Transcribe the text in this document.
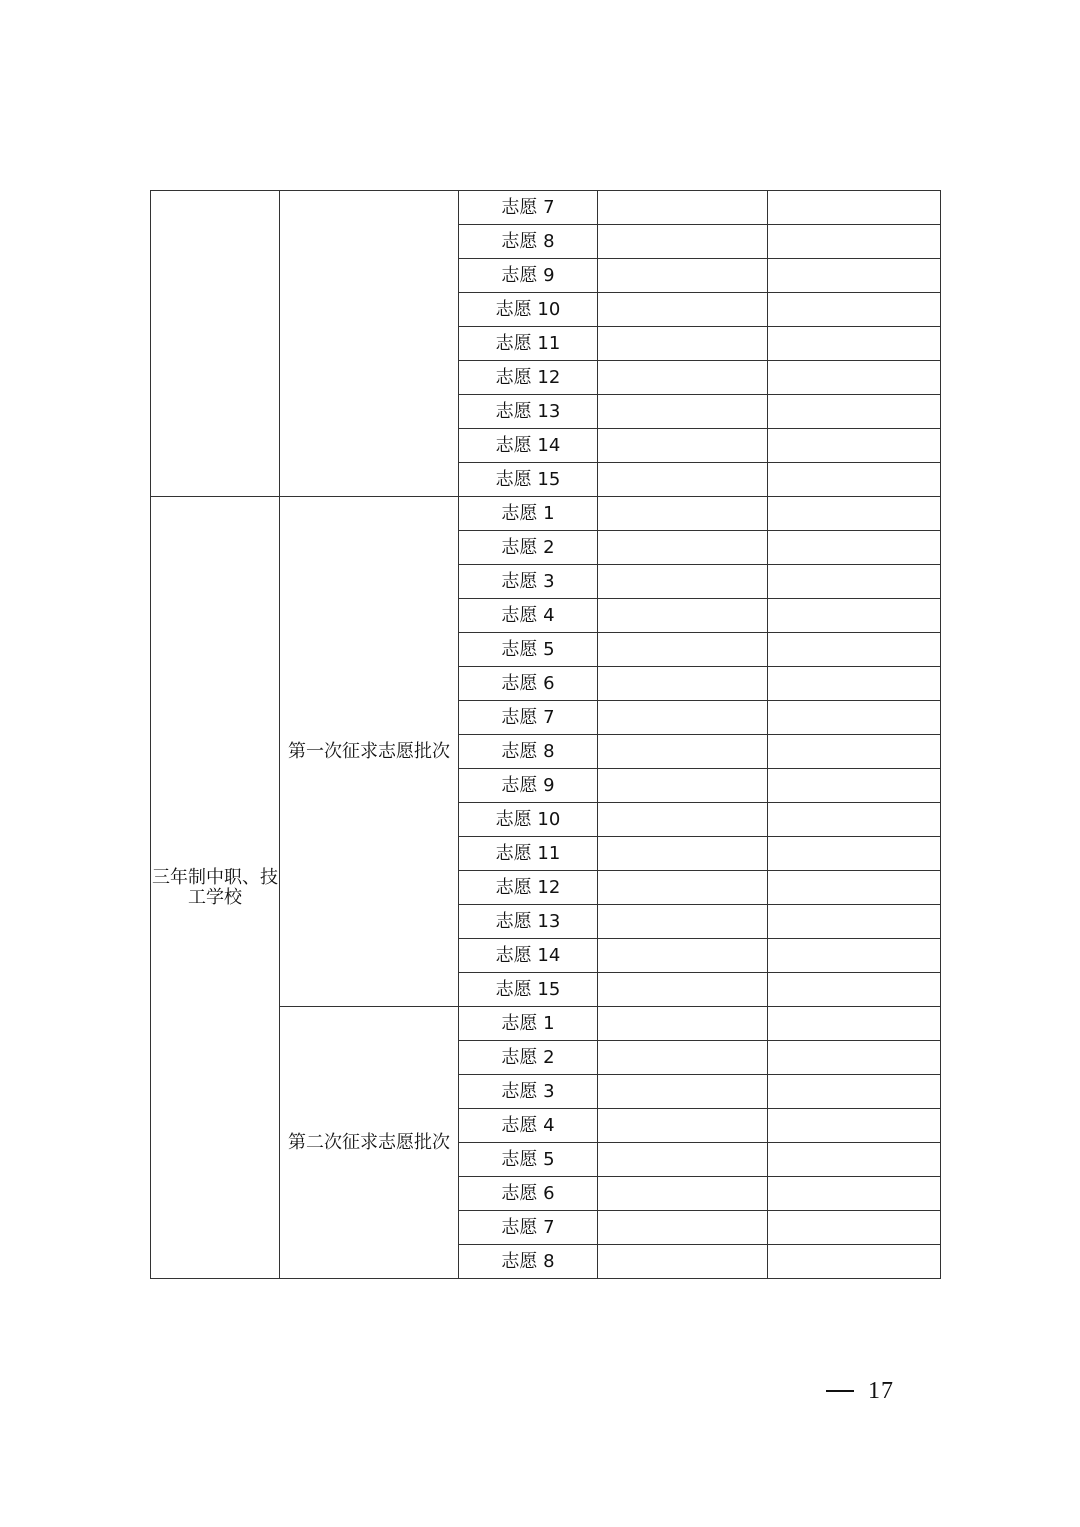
		志愿 7		
		志愿 8		
		志愿 9		
		志愿 10		
		志愿 11		
		志愿 12		
		志愿 13		
		志愿 14		
		志愿 15		
三年制中职、技工学校	第一次征求志愿批次	志愿 1		
		志愿 2		
		志愿 3		
		志愿 4		
		志愿 5		
		志愿 6		
		志愿 7		
		志愿 8		
		志愿 9		
		志愿 10		
		志愿 11		
		志愿 12		
		志愿 13		
		志愿 14		
		志愿 15		
	第二次征求志愿批次	志愿 1		
		志愿 2		
		志愿 3		
		志愿 4		
		志愿 5		
		志愿 6		
		志愿 7		
		志愿 8		
17
